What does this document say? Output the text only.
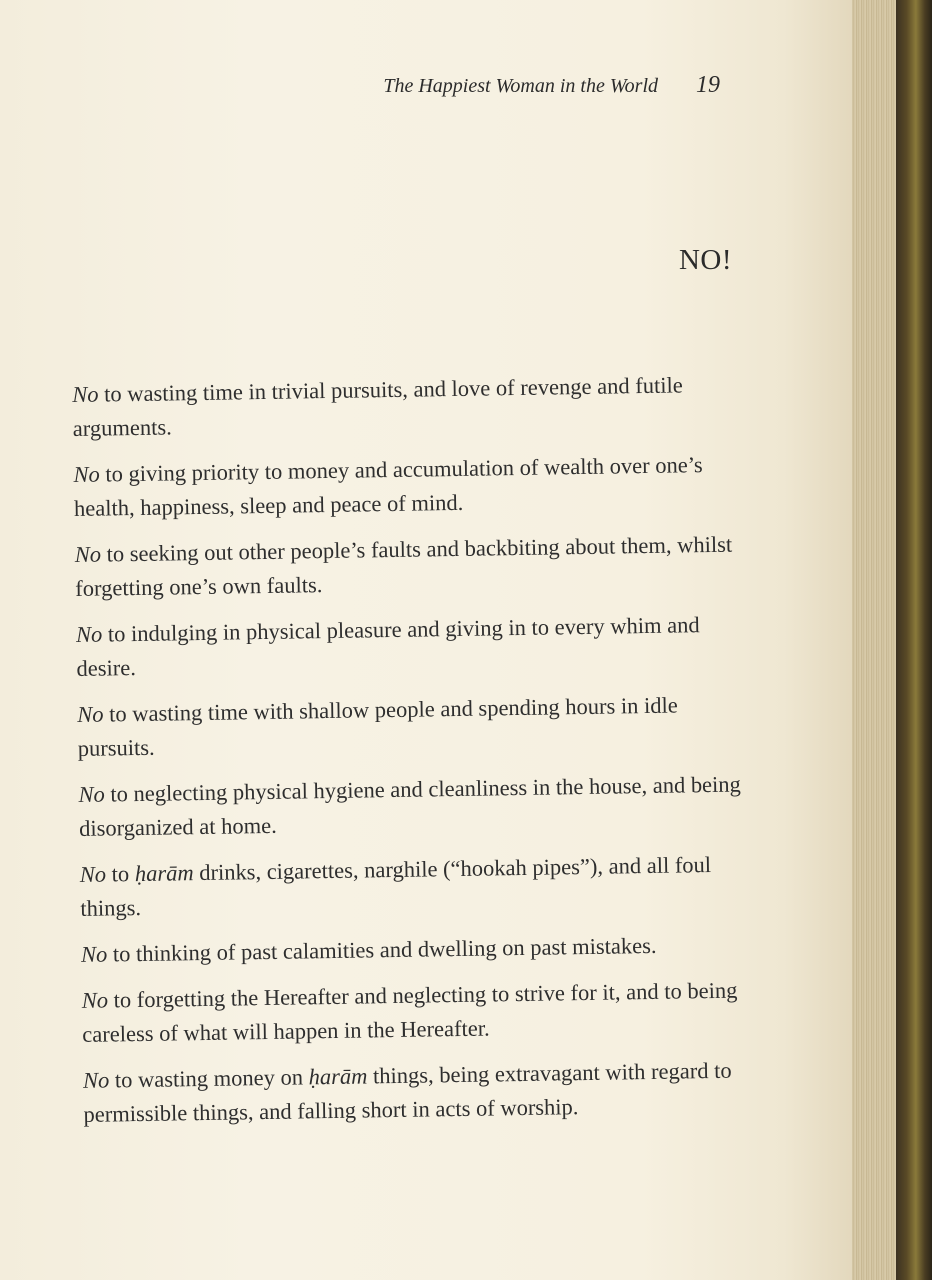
The Happiest Woman in the World 19
NO!

No to wasting time in trivial pursuits, and love of revenge and futile arguments.

No to giving priority to money and accumulation of wealth over one’s health, happiness, sleep and peace of mind.

No to seeking out other people’s faults and backbiting about them, whilst forgetting one’s own faults.

No to indulging in physical pleasure and giving in to every whim and desire.

No to wasting time with shallow people and spending hours in idle pursuits.

No to neglecting physical hygiene and cleanliness in the house, and being disorganized at home.

No to ḥarām drinks, cigarettes, narghile (“hookah pipes”), and all foul things.

No to thinking of past calamities and dwelling on past mistakes.

No to forgetting the Hereafter and neglecting to strive for it, and to being careless of what will happen in the Hereafter.

No to wasting money on ḥarām things, being extravagant with regard to permissible things, and falling short in acts of worship.
